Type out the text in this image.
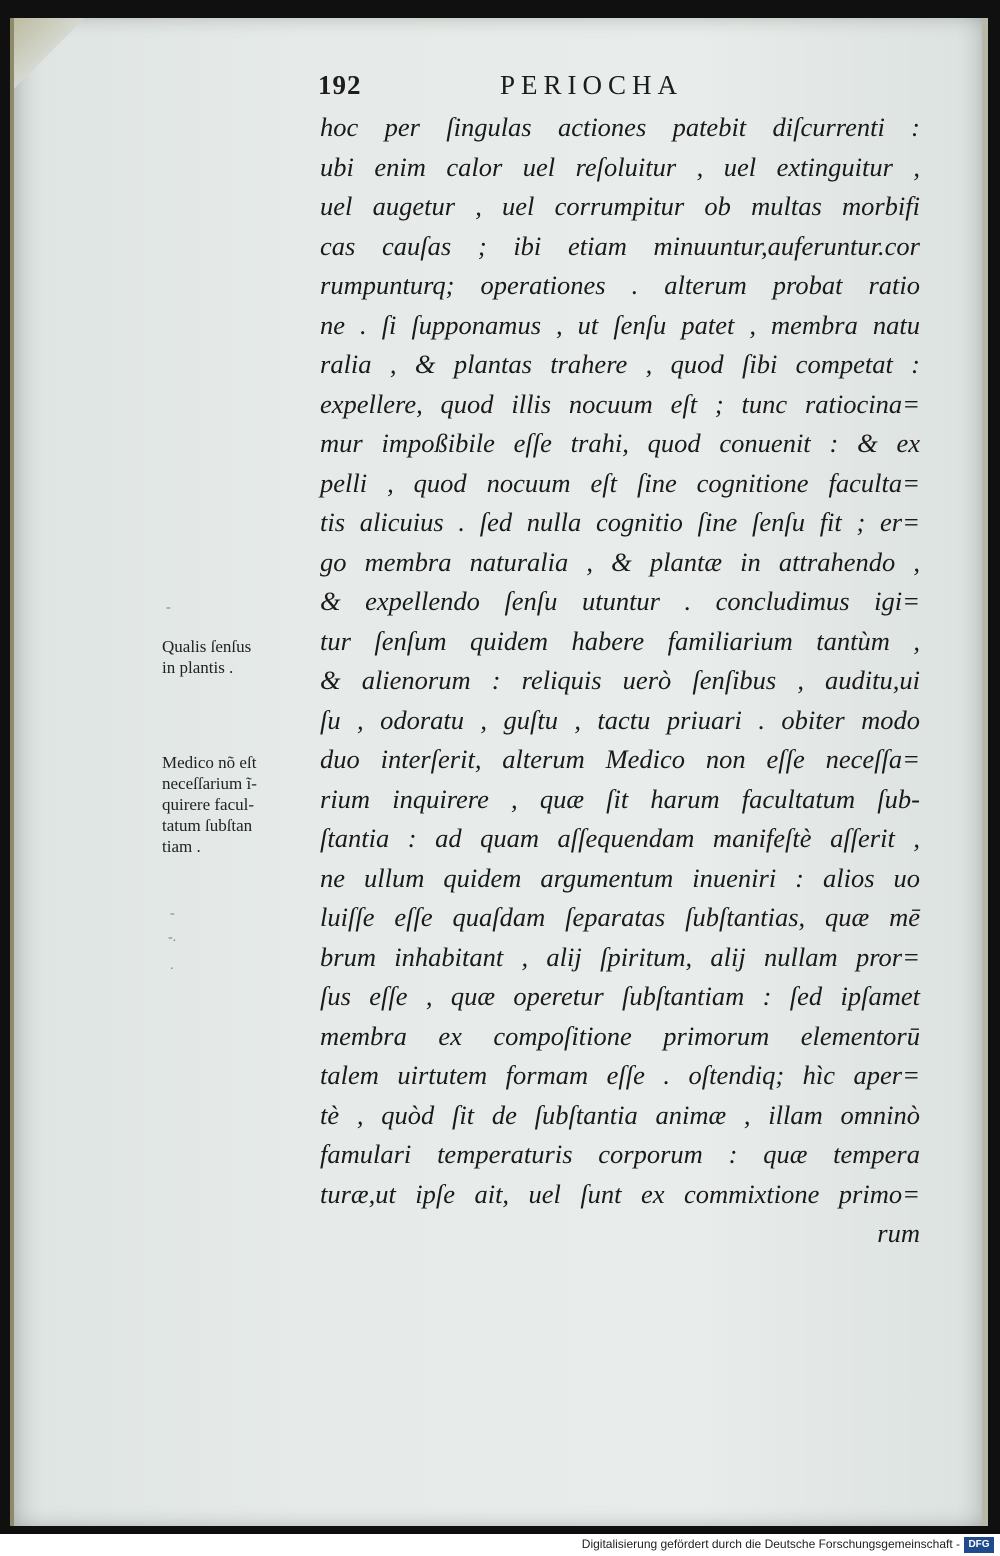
192	PERIOCHA
hoc per ſingulas actiones patebit diſcurrenti :
ubi enim calor uel reſoluitur , uel extinguitur ,
uel augetur , uel corrumpitur ob multas morbifi
cas cauſas ; ibi etiam minuuntur,auferuntur.cor
rumpunturq; operationes . alterum probat ratio
ne . ſi ſupponamus , ut ſenſu patet , membra natu
ralia , & plantas trahere , quod ſibi competat :
expellere, quod illis nocuum eſt ; tunc ratiocina=
mur impoßibile eſſe trahi, quod conuenit : & ex
pelli , quod nocuum eſt ſine cognitione faculta=
tis alicuius . ſed nulla cognitio ſine ſenſu fit ; er=
go membra naturalia , & plantæ in attrahendo ,
& expellendo ſenſu utuntur . concludimus igi=
tur ſenſum quidem habere familiarium tantùm ,
& alienorum : reliquis uerò ſenſibus , auditu,ui
ſu , odoratu , guſtu , tactu priuari . obiter modo
duo interſerit, alterum Medico non eſſe neceſſa=
rium inquirere , quæ ſit harum facultatum ſub-
ſtantia : ad quam aſſequendam manifeſtè aſſerit ,
ne ullum quidem argumentum inueniri : alios uo
luiſſe eſſe quaſdam ſeparatas ſubſtantias, quæ mē
brum inhabitant , alij ſpiritum, alij nullam pror=
ſus eſſe , quæ operetur ſubſtantiam : ſed ipſamet
membra ex compoſitione primorum elementorū
talem uirtutem formam eſſe . oſtendiq; hìc aper=
tè , quòd ſit de ſubſtantia animæ , illam omninò
famulari temperaturis corporum : quæ tempera
turæ,ut ipſe ait, uel ſunt ex commixtione primo=
rum
Qualis ſenſus
in plantis .
Medico nõ eſt
neceſſarium ĩ-
quirere facul-
tatum ſubſtan
tiam .
-
-
-.
.
Digitalisierung gefördert durch die Deutsche Forschungsgemeinschaft - DFG
